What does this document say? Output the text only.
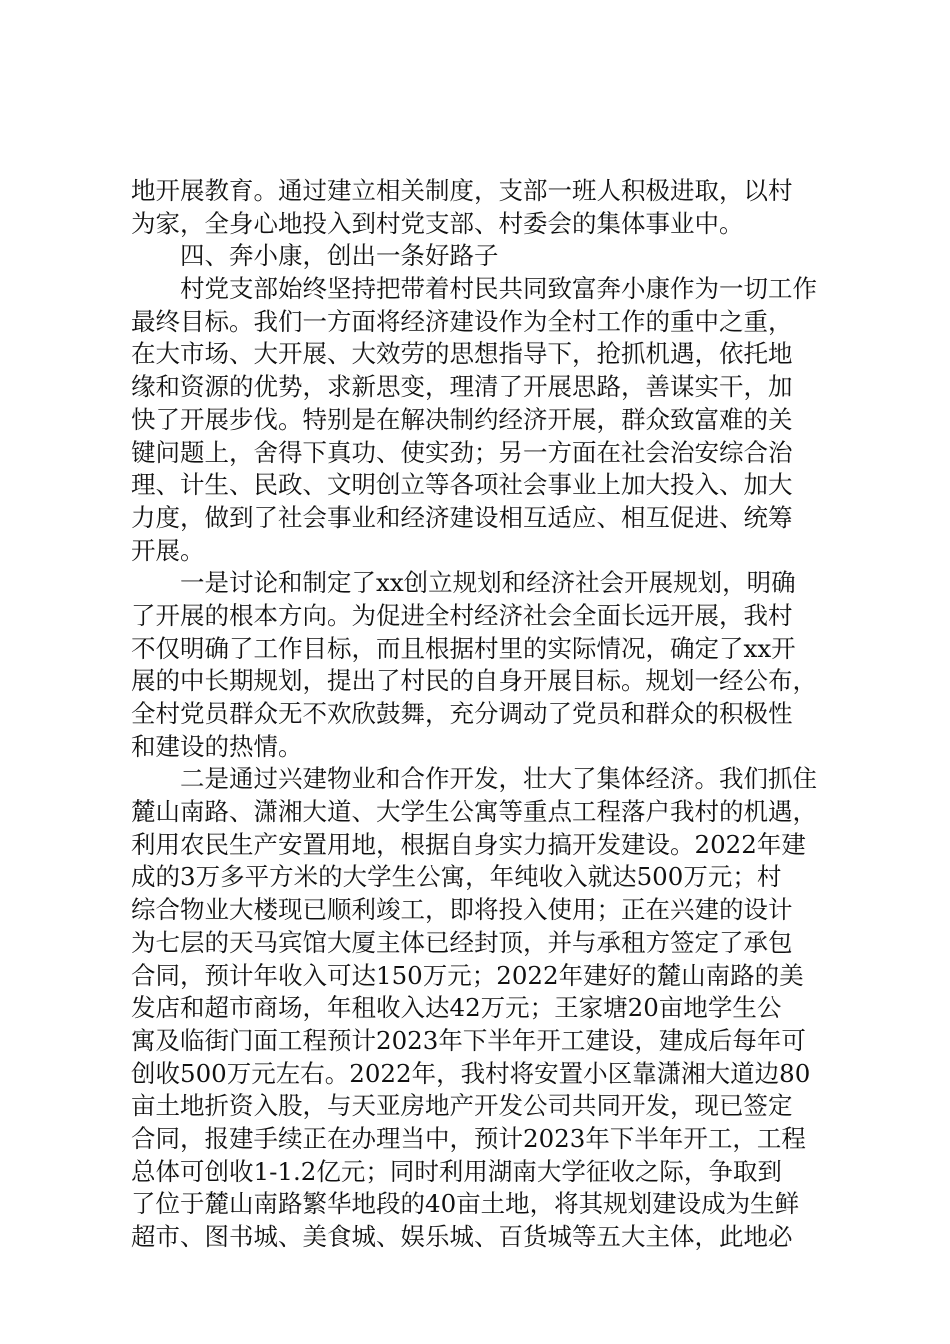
地开展教育。通过建立相关制度，支部一班人积极进取，以村
为家，全身心地投入到村党支部、村委会的集体事业中。
四、奔小康，创出一条好路子
村党支部始终坚持把带着村民共同致富奔小康作为一切工作
最终目标。我们一方面将经济建设作为全村工作的重中之重，
在大市场、大开展、大效劳的思想指导下，抢抓机遇，依托地
缘和资源的优势，求新思变，理清了开展思路，善谋实干，加
快了开展步伐。特别是在解决制约经济开展，群众致富难的关
键问题上，舍得下真功、使实劲；另一方面在社会治安综合治
理、计生、民政、文明创立等各项社会事业上加大投入、加大
力度，做到了社会事业和经济建设相互适应、相互促进、统筹
开展。
一是讨论和制定了xx创立规划和经济社会开展规划，明确
了开展的根本方向。为促进全村经济社会全面长远开展，我村
不仅明确了工作目标，而且根据村里的实际情况，确定了xx开
展的中长期规划，提出了村民的自身开展目标。规划一经公布，
全村党员群众无不欢欣鼓舞，充分调动了党员和群众的积极性
和建设的热情。
二是通过兴建物业和合作开发，壮大了集体经济。我们抓住
麓山南路、潇湘大道、大学生公寓等重点工程落户我村的机遇，
利用农民生产安置用地，根据自身实力搞开发建设。2022年建
成的3万多平方米的大学生公寓，年纯收入就达500万元；村
综合物业大楼现已顺利竣工，即将投入使用；正在兴建的设计
为七层的天马宾馆大厦主体已经封顶，并与承租方签定了承包
合同，预计年收入可达150万元；2022年建好的麓山南路的美
发店和超市商场，年租收入达42万元；王家塘20亩地学生公
寓及临街门面工程预计2023年下半年开工建设，建成后每年可
创收500万元左右。2022年，我村将安置小区靠潇湘大道边80
亩土地折资入股，与天亚房地产开发公司共同开发，现已签定
合同，报建手续正在办理当中，预计2023年下半年开工，工程
总体可创收1-1.2亿元；同时利用湖南大学征收之际，争取到
了位于麓山南路繁华地段的40亩土地，将其规划建设成为生鲜
超市、图书城、美食城、娱乐城、百货城等五大主体，此地必
